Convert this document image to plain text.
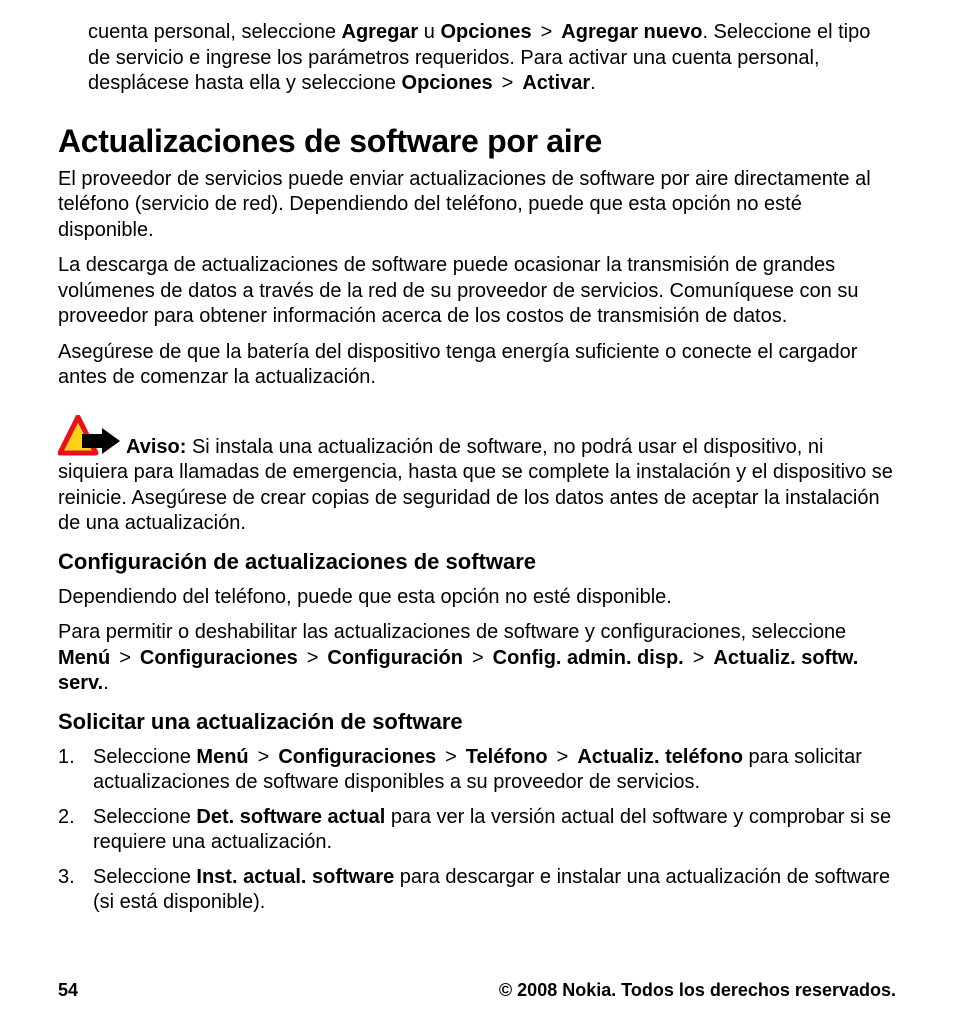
cuenta personal, seleccione Agregar u Opciones > Agregar nuevo. Seleccione el tipo de servicio e ingrese los parámetros requeridos. Para activar una cuenta personal, desplácese hasta ella y seleccione Opciones > Activar.

Actualizaciones de software por aire

El proveedor de servicios puede enviar actualizaciones de software por aire directamente al teléfono (servicio de red). Dependiendo del teléfono, puede que esta opción no esté disponible.

La descarga de actualizaciones de software puede ocasionar la transmisión de grandes volúmenes de datos a través de la red de su proveedor de servicios. Comuníquese con su proveedor para obtener información acerca de los costos de transmisión de datos.

Asegúrese de que la batería del dispositivo tenga energía suficiente o conecte el cargador antes de comenzar la actualización.

Aviso: Si instala una actualización de software, no podrá usar el dispositivo, ni siquiera para llamadas de emergencia, hasta que se complete la instalación y el dispositivo se reinicie. Asegúrese de crear copias de seguridad de los datos antes de aceptar la instalación de una actualización.

Configuración de actualizaciones de software

Dependiendo del teléfono, puede que esta opción no esté disponible.

Para permitir o deshabilitar las actualizaciones de software y configuraciones, seleccione Menú > Configuraciones > Configuración > Config. admin. disp. > Actualiz. softw. serv..

Solicitar una actualización de software
1. Seleccione Menú > Configuraciones > Teléfono > Actualiz. teléfono para solicitar actualizaciones de software disponibles a su proveedor de servicios.
2. Seleccione Det. software actual para ver la versión actual del software y comprobar si se requiere una actualización.
3. Seleccione Inst. actual. software para descargar e instalar una actualización de software (si está disponible).
54	© 2008 Nokia. Todos los derechos reservados.
